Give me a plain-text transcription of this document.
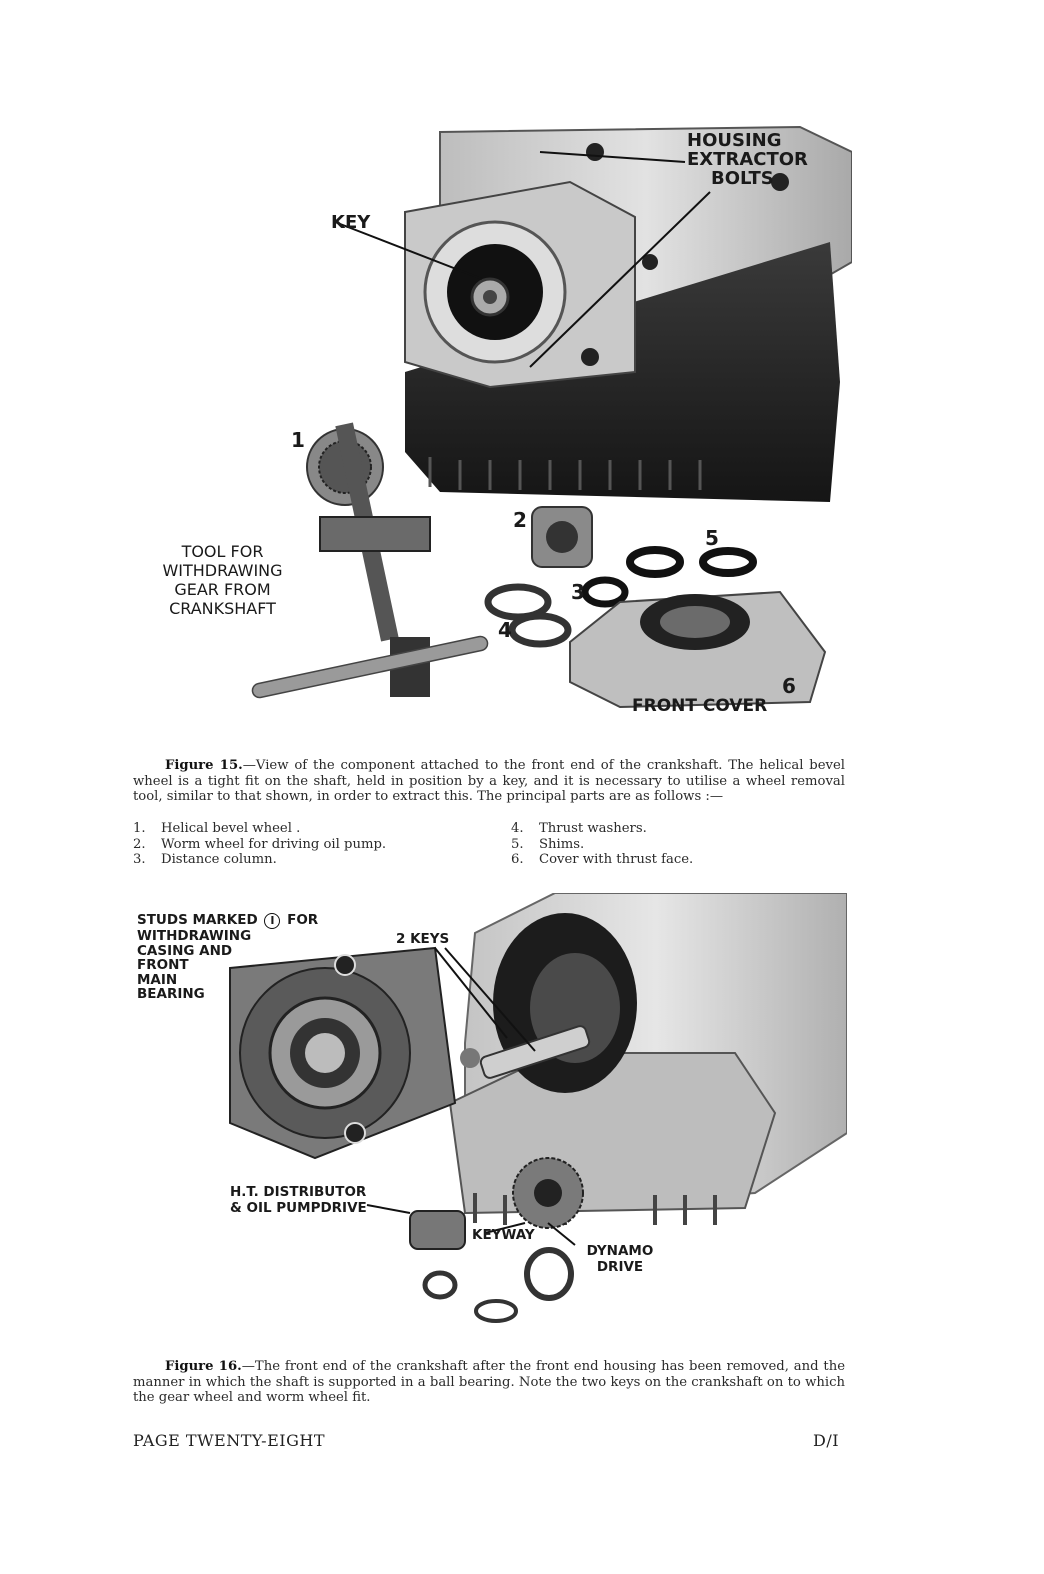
HOUSING
EXTRACTOR
BOLTS
KEY
1
2
3
4
5
6
TOOL FOR
WITHDRAWING
GEAR FROM
CRANKSHAFT
FRONT COVER
Figure 15.—View of the component attached to the front end of the crankshaft. The helical bevel wheel is a tight fit on the shaft, held in position by a key, and it is necessary to utilise a wheel removal tool, similar to that shown, in order to extract this. The principal parts are as follows :—
1. Helical bevel wheel .
2. Worm wheel for driving oil pump.
3. Distance column.
4. Thrust washers.
5. Shims.
6. Cover with thrust face.
STUDS MARKED I FOR
WITHDRAWING
CASING AND
FRONT
MAIN
BEARING
2 KEYS
H.T. DISTRIBUTOR
& OIL PUMPDRIVE
KEYWAY
DYNAMO
DRIVE
Figure 16.—The front end of the crankshaft after the front end housing has been removed, and the manner in which the shaft is supported in a ball bearing. Note the two keys on the crankshaft on to which the gear wheel and worm wheel fit.
PAGE TWENTY-EIGHT	D/I
